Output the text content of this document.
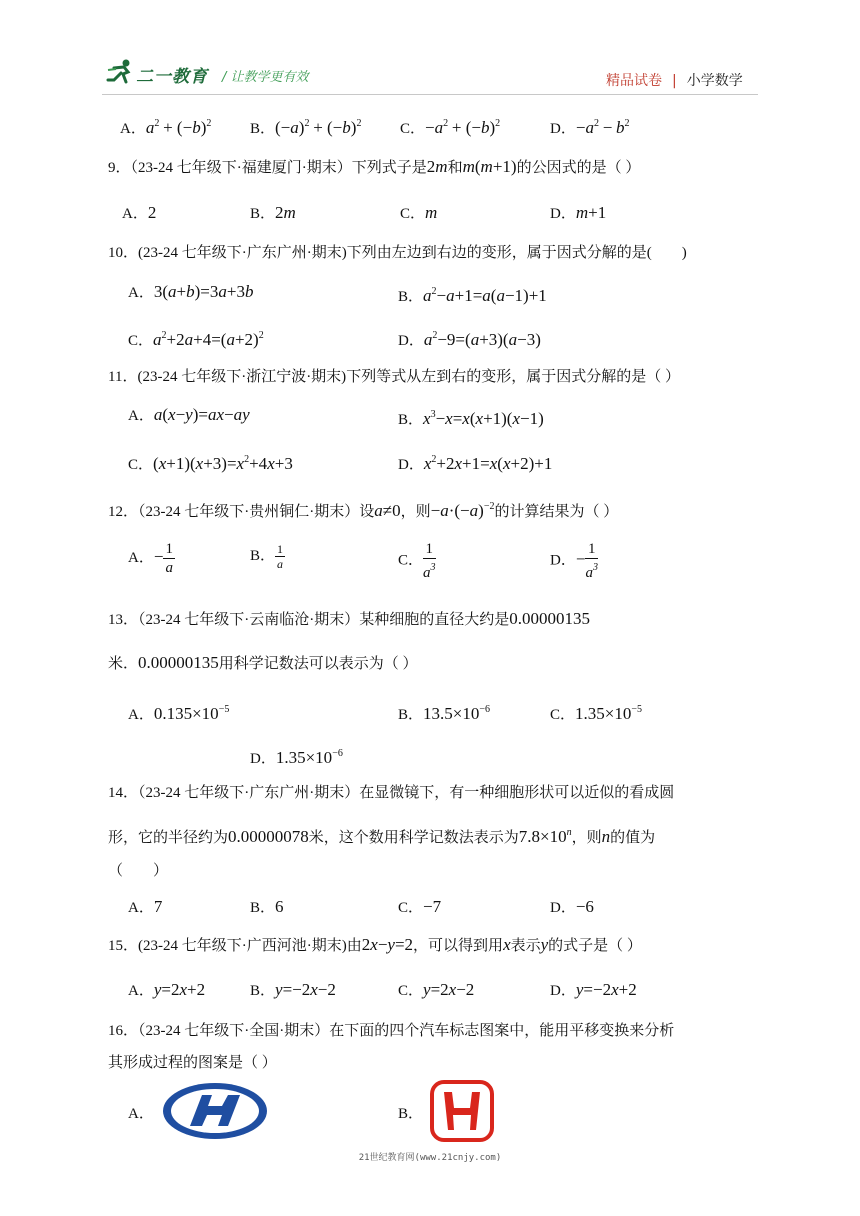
二一教育 / 让教学更有效	精品试卷 | 小学数学
A．$a^2 + (-b)^2$	B．$(-a)^2 + (-b)^2$	C．$-a^2 + (-b)^2$	D．$-a^2 - b^2$
9．（23-24 七年级下·福建厦门·期末）下列式子是2m和m(m+1)的公因式的是（ ）
A．2	B．2m	C．m	D．m+1
10．(23-24 七年级下·广东广州·期末)下列由左边到右边的变形，属于因式分解的是(　　)
A．3(a+b)=3a+3b	B．$a^2-a+1=a(a-1)+1$
C．$a^2+2a+4=(a+2)^2$	D．$a^2-9=(a+3)(a-3)$
11．(23-24 七年级下·浙江宁波·期末)下列等式从左到右的变形，属于因式分解的是（ ）
A．a(x−y)=ax−ay	B．$x^3-x=x(x+1)(x-1)$
C．$(x+1)(x+3)=x^2+4x+3$	D．$x^2+2x+1=x(x+2)+1$
12．（23-24 七年级下·贵州铜仁·期末）设a≠0，则$-a\cdot(-a)^{-2}$的计算结果为（ ）
A．− $\frac{1}{a}$	B． $\frac{1}{a}$	C． $\frac{1}{a^3}$	D．− $\frac{1}{a^3}$
13．（23-24 七年级下·云南临沧·期末）某种细胞的直径大约是0.00000135
米．0.00000135用科学记数法可以表示为（ ）
A．$0.135\times 10^{-5}$	B．$13.5\times 10^{-6}$	C．$1.35\times 10^{-5}$
D．$1.35\times 10^{-6}$
14．（23-24 七年级下·广东广州·期末）在显微镜下，有一种细胞形状可以近似的看成圆
形，它的半径约为0.00000078米，这个数用科学记数法表示为$7.8\times 10^n$，则n的值为
（　　）
A．7	B．6	C．−7	D．−6
15．(23-24 七年级下·广西河池·期末)由2x−y=2，可以得到用x表示y的式子是（ ）
A．y=2x+2	B．y=−2x−2	C．y=2x−2	D．y=−2x+2
16．（23-24 七年级下·全国·期末）在下面的四个汽车标志图案中，能用平移变换来分析
其形成过程的图案是（ ）
A．	B．
21世纪教育网(www.21cnjy.com)
